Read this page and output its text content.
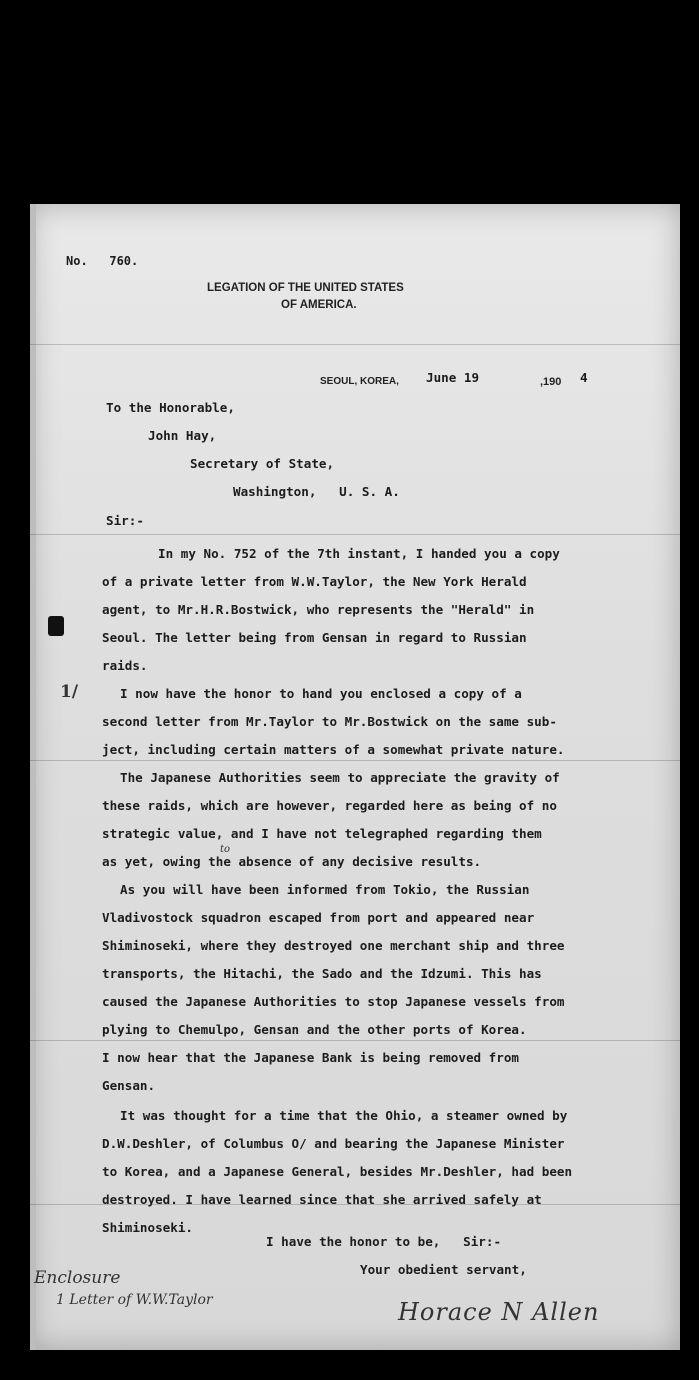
No.   760.
LEGATION OF THE UNITED STATES
OF AMERICA.
SEOUL, KOREA, June 19	,190 4
To the Honorable,
John Hay,
Secretary of State,
Washington,   U. S. A.
Sir:-
In my No. 752 of the 7th instant, I handed you a copy
of a private letter from W.W.Taylor, the New York Herald
agent, to Mr.H.R.Bostwick, who represents the "Herald" in
Seoul. The letter being from Gensan in regard to Russian
raids.
1/	I now have the honor to hand you enclosed a copy of a
second letter from Mr.Taylor to Mr.Bostwick on the same sub-
ject, including certain matters of a somewhat private nature.
The Japanese Authorities seem to appreciate the gravity of
these raids, which are however, regarded here as being of no
strategic value, and I have not telegraphed regarding them
to
as yet, owing the absence of any decisive results.
As you will have been informed from Tokio, the Russian
Vladivostock squadron escaped from port and appeared near
Shiminoseki, where they destroyed one merchant ship and three
transports, the Hitachi, the Sado and the Idzumi. This has
caused the Japanese Authorities to stop Japanese vessels from
plying to Chemulpo, Gensan and the other ports of Korea.
I now hear that the Japanese Bank is being removed from
Gensan.
It was thought for a time that the Ohio, a steamer owned by
D.W.Deshler, of Columbus O/ and bearing the Japanese Minister
to Korea, and a Japanese General, besides Mr.Deshler, had been
destroyed. I have learned since that she arrived safely at
Shiminoseki.
I have the honor to be,   Sir:-
Your obedient servant,
Enclosure
1 Letter of W.W.Taylor	Horace N Allen
